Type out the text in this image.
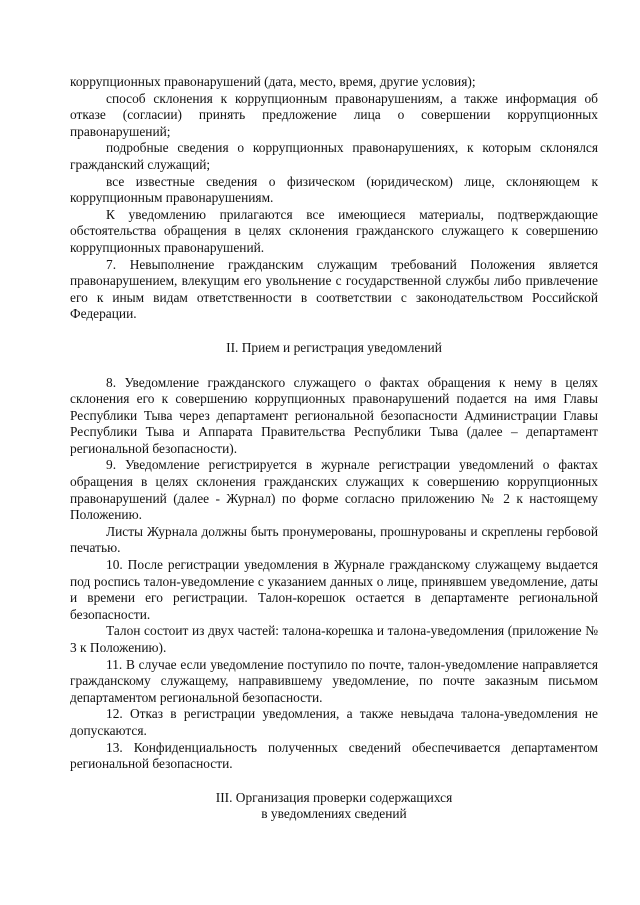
коррупционных правонарушений (дата, место, время, другие условия);

способ склонения к коррупционным правонарушениям, а также информация об отказе (согласии) принять предложение лица о совершении коррупционных правонарушений;

подробные сведения о коррупционных правонарушениях, к которым склонялся гражданский служащий;

все известные сведения о физическом (юридическом) лице, склоняющем к коррупционным правонарушениям.

К уведомлению прилагаются все имеющиеся материалы, подтверждающие обстоятельства обращения в целях склонения гражданского служащего к совершению коррупционных правонарушений.

7. Невыполнение гражданским служащим требований Положения является правонарушением, влекущим его увольнение с государственной службы либо привлечение его к иным видам ответственности в соответствии с законодательством Российской Федерации.

II. Прием и регистрация уведомлений

8. Уведомление гражданского служащего о фактах обращения к нему в целях склонения его к совершению коррупционных правонарушений подается на имя Главы Республики Тыва через департамент региональной безопасности Администрации Главы Республики Тыва и Аппарата Правительства Республики Тыва (далее – департамент региональной безопасности).

9. Уведомление регистрируется в журнале регистрации уведомлений о фактах обращения в целях склонения гражданских служащих к совершению коррупционных правонарушений (далее - Журнал) по форме согласно приложению № 2 к настоящему Положению.

Листы Журнала должны быть пронумерованы, прошнурованы и скреплены гербовой печатью.

10. После регистрации уведомления в Журнале гражданскому служащему выдается под роспись талон-уведомление с указанием данных о лице, принявшем уведомление, даты и времени его регистрации. Талон-корешок остается в департаменте региональной безопасности.

Талон состоит из двух частей: талона-корешка и талона-уведомления (приложение № 3 к Положению).

11. В случае если уведомление поступило по почте, талон-уведомление направляется гражданскому служащему, направившему уведомление, по почте заказным письмом департаментом региональной безопасности.

12. Отказ в регистрации уведомления, а также невыдача талона-уведомления не допускаются.

13. Конфиденциальность полученных сведений обеспечивается департаментом региональной безопасности.

III. Организация проверки содержащихся

в уведомлениях сведений
